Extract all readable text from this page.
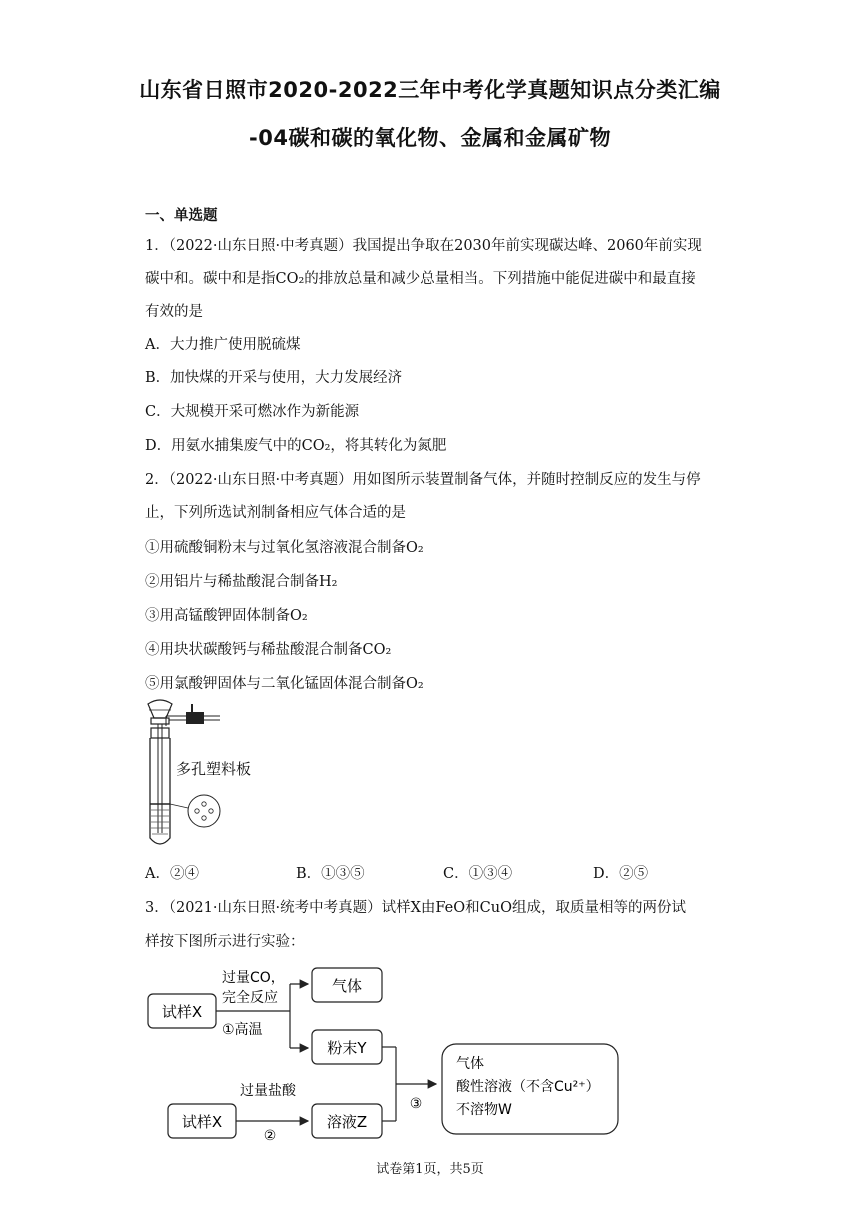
山东省日照市2020-2022三年中考化学真题知识点分类汇编
-04碳和碳的氧化物、金属和金属矿物
一、单选题
1．（2022·山东日照·中考真题）我国提出争取在2030年前实现碳达峰、2060年前实现
碳中和。碳中和是指CO₂的排放总量和减少总量相当。下列措施中能促进碳中和最直接
有效的是
A．大力推广使用脱硫煤
B．加快煤的开采与使用，大力发展经济
C．大规模开采可燃冰作为新能源
D．用氨水捕集废气中的CO₂，将其转化为氮肥
2．（2022·山东日照·中考真题）用如图所示装置制备气体，并随时控制反应的发生与停
止，下列所选试剂制备相应气体合适的是
①用硫酸铜粉末与过氧化氢溶液混合制备O₂
②用铝片与稀盐酸混合制备H₂
③用高锰酸钾固体制备O₂
④用块状碳酸钙与稀盐酸混合制备CO₂
⑤用氯酸钾固体与二氧化锰固体混合制备O₂
多孔塑料板
A．②④	B．①③⑤	C．①③④	D．②⑤
3．（2021·山东日照·统考中考真题）试样X由FeO和CuO组成，取质量相等的两份试
样按下图所示进行实验：
试样X
过量CO，
完全反应
①高温
气体
粉末Y
试样X
过量盐酸
②
溶液Z
③
气体
酸性溶液（不含Cu²⁺）
不溶物W
试卷第1页，共5页
